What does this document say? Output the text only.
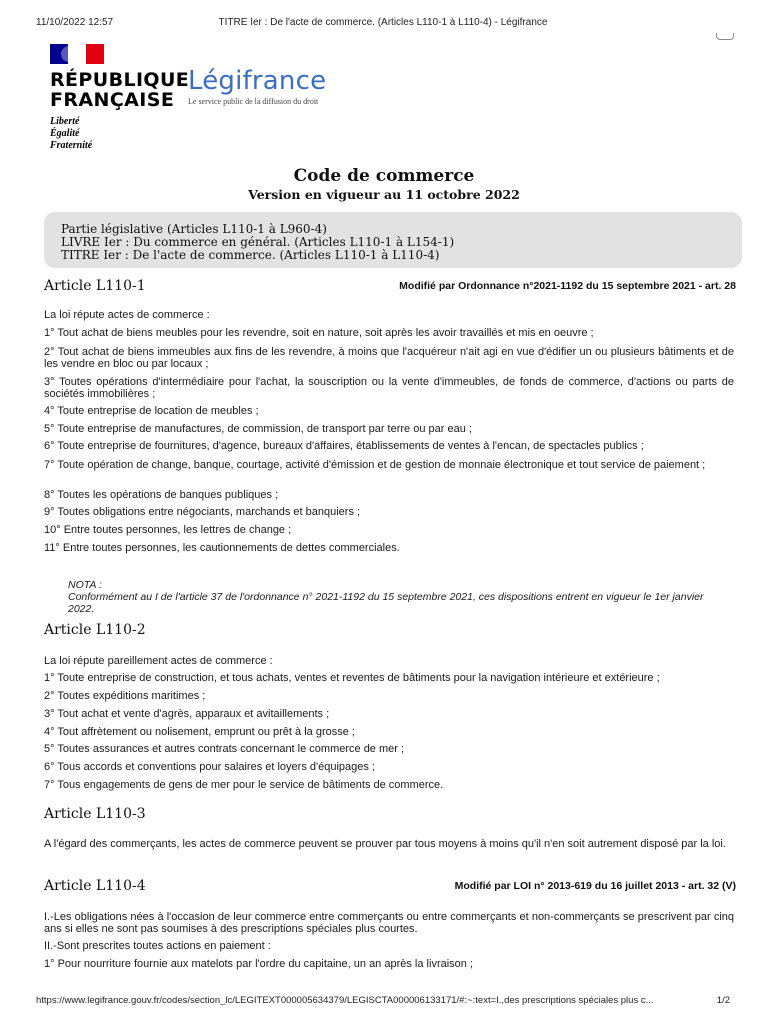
11/10/2022 12:57	TITRE Ier : De l'acte de commerce. (Articles L110-1 à L110-4) - Légifrance
RÉPUBLIQUE
FRANÇAISE
Liberté
Égalité
Fraternité
Légifrance
Le service public de la diffusion du droit
Code de commerce
Version en vigueur au 11 octobre 2022
Partie législative (Articles L110-1 à L960-4)
LIVRE Ier : Du commerce en général. (Articles L110-1 à L154-1)
TITRE Ier : De l'acte de commerce. (Articles L110-1 à L110-4)
Article L110-1	Modifié par Ordonnance n°2021-1192 du 15 septembre 2021 - art. 28
La loi répute actes de commerce :
1° Tout achat de biens meubles pour les revendre, soit en nature, soit après les avoir travaillés et mis en oeuvre ;
2° Tout achat de biens immeubles aux fins de les revendre, à moins que l'acquéreur n'ait agi en vue d'édifier un ou plusieurs bâtiments et de les vendre en bloc ou par locaux ;
3° Toutes opérations d'intermédiaire pour l'achat, la souscription ou la vente d'immeubles, de fonds de commerce, d'actions ou parts de sociétés immobilières ;
4° Toute entreprise de location de meubles ;
5° Toute entreprise de manufactures, de commission, de transport par terre ou par eau ;
6° Toute entreprise de fournitures, d'agence, bureaux d'affaires, établissements de ventes à l'encan, de spectacles publics ;
7° Toute opération de change, banque, courtage, activité d'émission et de gestion de monnaie électronique et tout service de paiement ;
8° Toutes les opérations de banques publiques ;
9° Toutes obligations entre négociants, marchands et banquiers ;
10° Entre toutes personnes, les lettres de change ;
11° Entre toutes personnes, les cautionnements de dettes commerciales.
NOTA :
Conformément au I de l'article 37 de l'ordonnance n° 2021-1192 du 15 septembre 2021, ces dispositions entrent en vigueur le 1er janvier 2022.
Article L110-2
La loi répute pareillement actes de commerce :
1° Toute entreprise de construction, et tous achats, ventes et reventes de bâtiments pour la navigation intérieure et extérieure ;
2° Toutes expéditions maritimes ;
3° Tout achat et vente d'agrès, apparaux et avitaillements ;
4° Tout affrètement ou nolisement, emprunt ou prêt à la grosse ;
5° Toutes assurances et autres contrats concernant le commerce de mer ;
6° Tous accords et conventions pour salaires et loyers d'équipages ;
7° Tous engagements de gens de mer pour le service de bâtiments de commerce.
Article L110-3
A l'égard des commerçants, les actes de commerce peuvent se prouver par tous moyens à moins qu'il n'en soit autrement disposé par la loi.
Article L110-4	Modifié par LOI n° 2013-619 du 16 juillet 2013 - art. 32 (V)
I.-Les obligations nées à l'occasion de leur commerce entre commerçants ou entre commerçants et non-commerçants se prescrivent par cinq ans si elles ne sont pas soumises à des prescriptions spéciales plus courtes.
II.-Sont prescrites toutes actions en paiement :
1° Pour nourriture fournie aux matelots par l'ordre du capitaine, un an après la livraison ;
https://www.legifrance.gouv.fr/codes/section_lc/LEGITEXT000005634379/LEGISCTA000006133171/#:~:text=I.,des prescriptions spéciales plus c...	1/2
